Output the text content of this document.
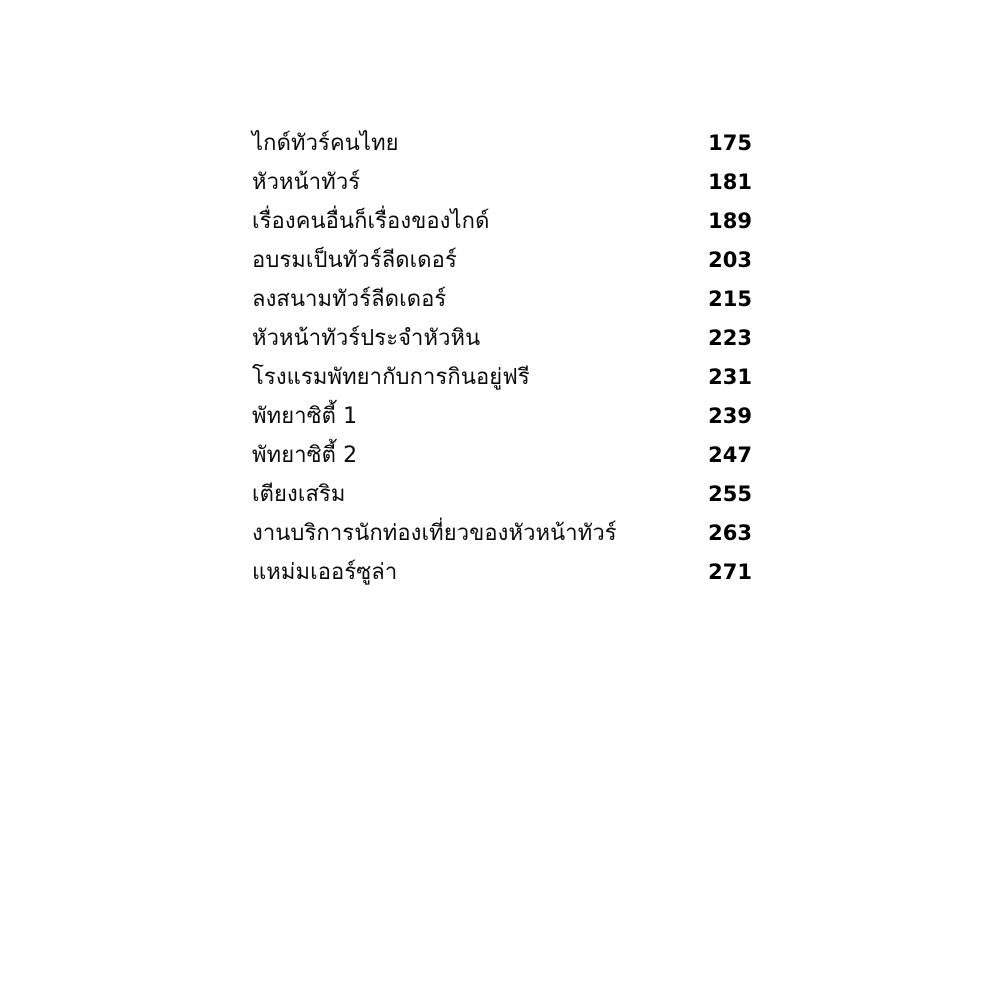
ไกด์ทัวร์คนไทย	175
หัวหน้าทัวร์	181
เรื่องคนอื่นก็เรื่องของไกด์	189
อบรมเป็นทัวร์ลีดเดอร์	203
ลงสนามทัวร์ลีดเดอร์	215
หัวหน้าทัวร์ประจำหัวหิน	223
โรงแรมพัทยากับการกินอยู่ฟรี	231
พัทยาซิตี้ 1	239
พัทยาซิตี้ 2	247
เตียงเสริม	255
งานบริการนักท่องเที่ยวของหัวหน้าทัวร์	263
แหม่มเออร์ซูล่า	271
